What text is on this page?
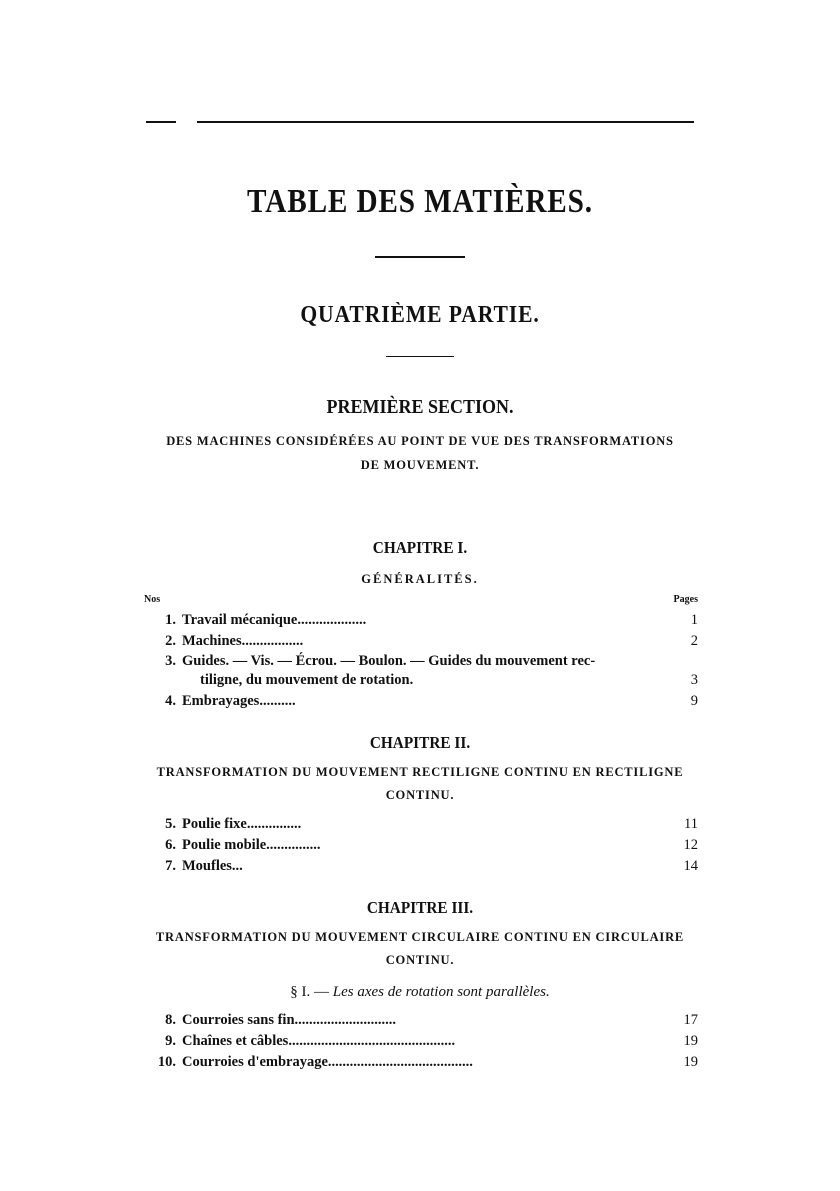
TABLE DES MATIÈRES.
QUATRIÈME PARTIE.
PREMIÈRE SECTION.
DES MACHINES CONSIDÉRÉES AU POINT DE VUE DES TRANSFORMATIONS
DE MOUVEMENT.
CHAPITRE I.
GÉNÉRALITÉS.
Nos	Pages
1. Travail mécanique...................	1
2. Machines.................	2
3. Guides. — Vis. — Écrou. — Boulon. — Guides du mouvement rec-
tiligne, du mouvement de rotation.	3
4. Embrayages..........	9
CHAPITRE II.
TRANSFORMATION DU MOUVEMENT RECTILIGNE CONTINU EN RECTILIGNE
CONTINU.
5. Poulie fixe...............	11
6. Poulie mobile...............	12
7. Moufles...	14
CHAPITRE III.
TRANSFORMATION DU MOUVEMENT CIRCULAIRE CONTINU EN CIRCULAIRE
CONTINU.
§ I. — Les axes de rotation sont parallèles.
8. Courroies sans fin............................	17
9. Chaînes et câbles..............................................	19
10. Courroies d'embrayage........................................	19
